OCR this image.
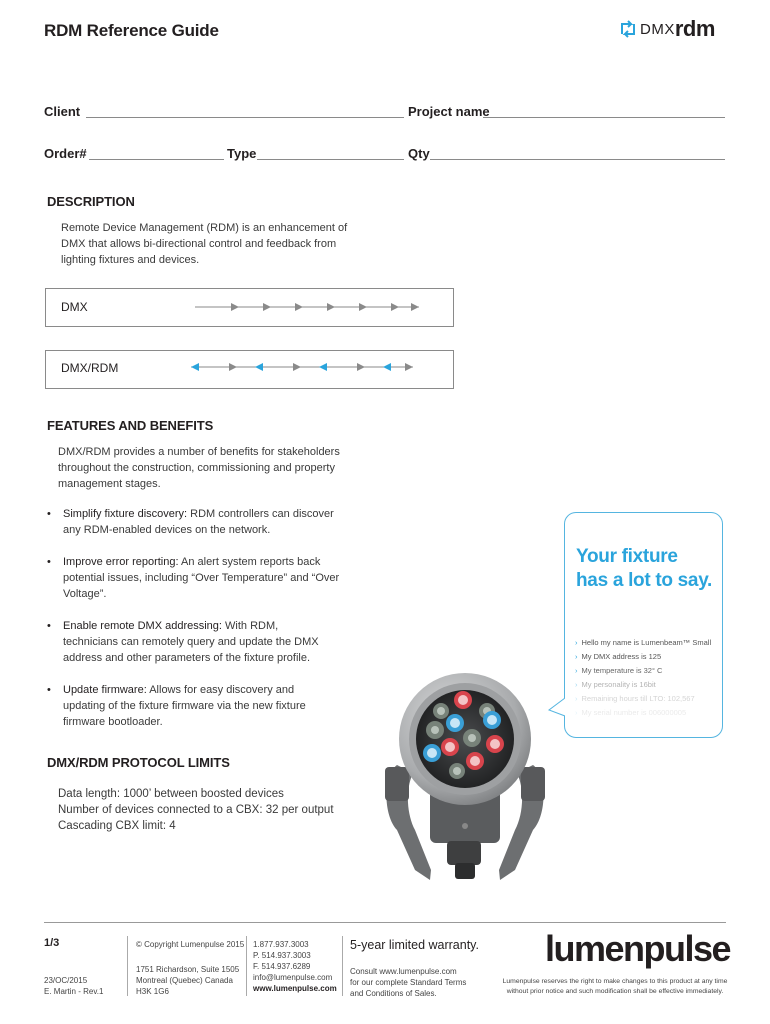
RDM Reference Guide	DMX rdm
Client	Project name
Order#	Type	Qty
DESCRIPTION
Remote Device Management (RDM) is an enhancement of
DMX that allows bi-directional control and feedback from
lighting fixtures and devices.
DMX
DMX/RDM
FEATURES AND BENEFITS
DMX/RDM provides a number of benefits for stakeholders
throughout the construction, commissioning and property
management stages.
• Simplify fixture discovery: RDM controllers can discover
any RDM-enabled devices on the network.
• Improve error reporting: An alert system reports back
potential issues, including “Over Temperature” and “Over
Voltage”.
• Enable remote DMX addressing: With RDM,
technicians can remotely query and update the DMX
address and other parameters of the fixture profile.
• Update firmware: Allows for easy discovery and
updating of the fixture firmware via the new fixture
firmware bootloader.
DMX/RDM PROTOCOL LIMITS
Data length: 1000’ between boosted devices
Number of devices connected to a CBX: 32 per output
Cascading CBX limit: 4
Your fixture
has a lot to say.
› Hello my name is Lumenbeam™ Small
› My DMX address is 125
› My temperature is 32° C
› My personality is 16bit
› Remaining hours till LTO: 102,567
› My serial number is 006000005
1/3
23/OC/2015
E. Martin - Rev.1
© Copyright Lumenpulse 2015
1751 Richardson, Suite 1505
Montreal (Quebec) Canada
H3K 1G6
1.877.937.3003
P. 514.937.3003
F. 514.937.6289
info@lumenpulse.com
www.lumenpulse.com
5-year limited warranty.
Consult www.lumenpulse.com
for our complete Standard Terms
and Conditions of Sales.
lumenpulse
Lumenpulse reserves the right to make changes to this product at any time
without prior notice and such modification shall be effective immediately.
